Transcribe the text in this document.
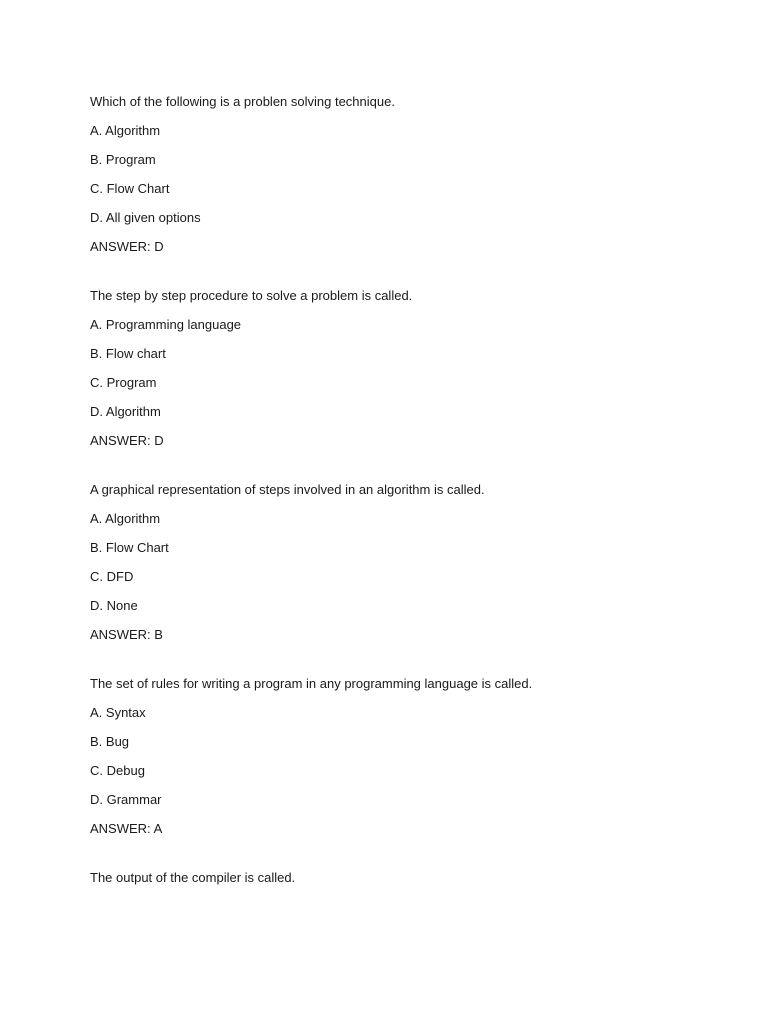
Which of the following is a problen solving technique.
A. Algorithm
B. Program
C. Flow Chart
D. All given options
ANSWER: D
The step by step procedure to solve a problem is called.
A. Programming language
B. Flow chart
C. Program
D. Algorithm
ANSWER: D
A graphical representation of steps involved in an algorithm is called.
A. Algorithm
B. Flow Chart
C. DFD
D. None
ANSWER: B
The set of rules for writing a program in any programming language is called.
A. Syntax
B. Bug
C. Debug
D. Grammar
ANSWER: A
The output of the compiler is called.
